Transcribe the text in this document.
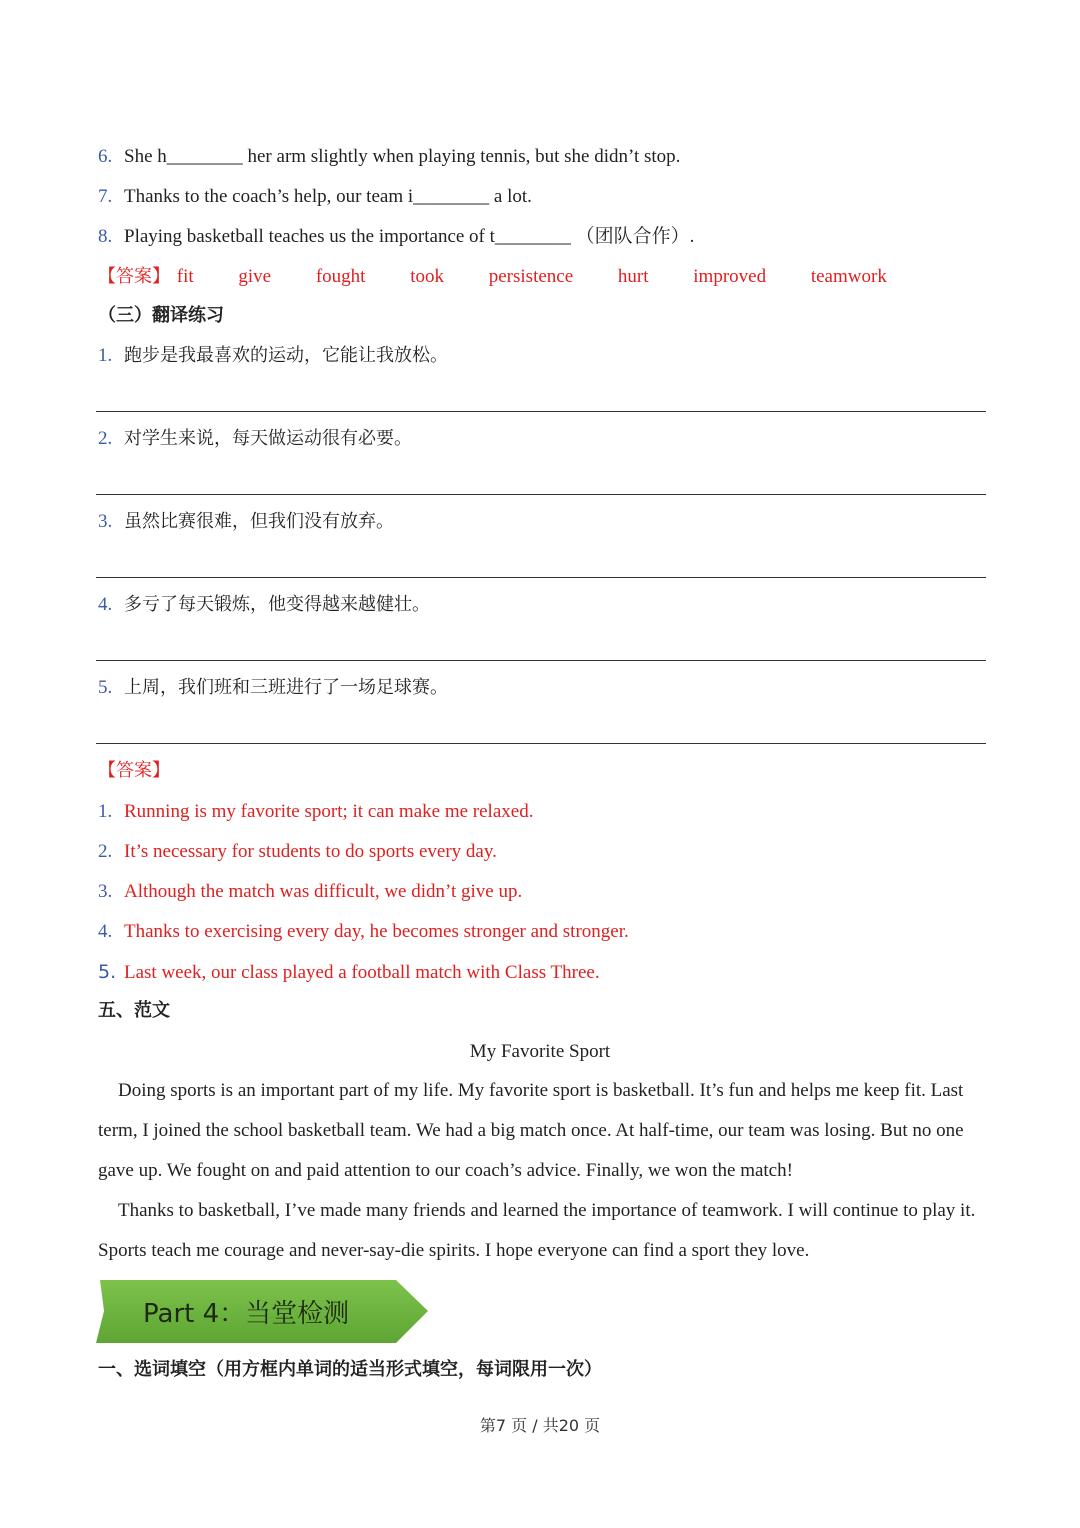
6. She h________ her arm slightly when playing tennis, but she didn’t stop.
7. Thanks to the coach’s help, our team i________ a lot.
8. Playing basketball teaches us the importance of t________ （团队合作）.
【答案】 fit give fought took persistence hurt improved teamwork
（三）翻译练习
1. 跑步是我最喜欢的运动，它能让我放松。
2. 对学生来说，每天做运动很有必要。
3. 虽然比赛很难，但我们没有放弃。
4. 多亏了每天锻炼，他变得越来越健壮。
5. 上周，我们班和三班进行了一场足球赛。
【答案】
1. Running is my favorite sport; it can make me relaxed.
2. It’s necessary for students to do sports every day.
3. Although the match was difficult, we didn’t give up.
4. Thanks to exercising every day, he becomes stronger and stronger.
5. Last week, our class played a football match with Class Three.
五、范文
My Favorite Sport
Doing sports is an important part of my life. My favorite sport is basketball. It’s fun and helps me keep fit. Last term, I joined the school basketball team. We had a big match once. At half-time, our team was losing. But no one gave up. We fought on and paid attention to our coach’s advice. Finally, we won the match!
Thanks to basketball, I’ve made many friends and learned the importance of teamwork. I will continue to play it. Sports teach me courage and never-say-die spirits. I hope everyone can find a sport they love.
Part 4：当堂检测
一、选词填空（用方框内单词的适当形式填空，每词限用一次）
第7 页 / 共20 页
